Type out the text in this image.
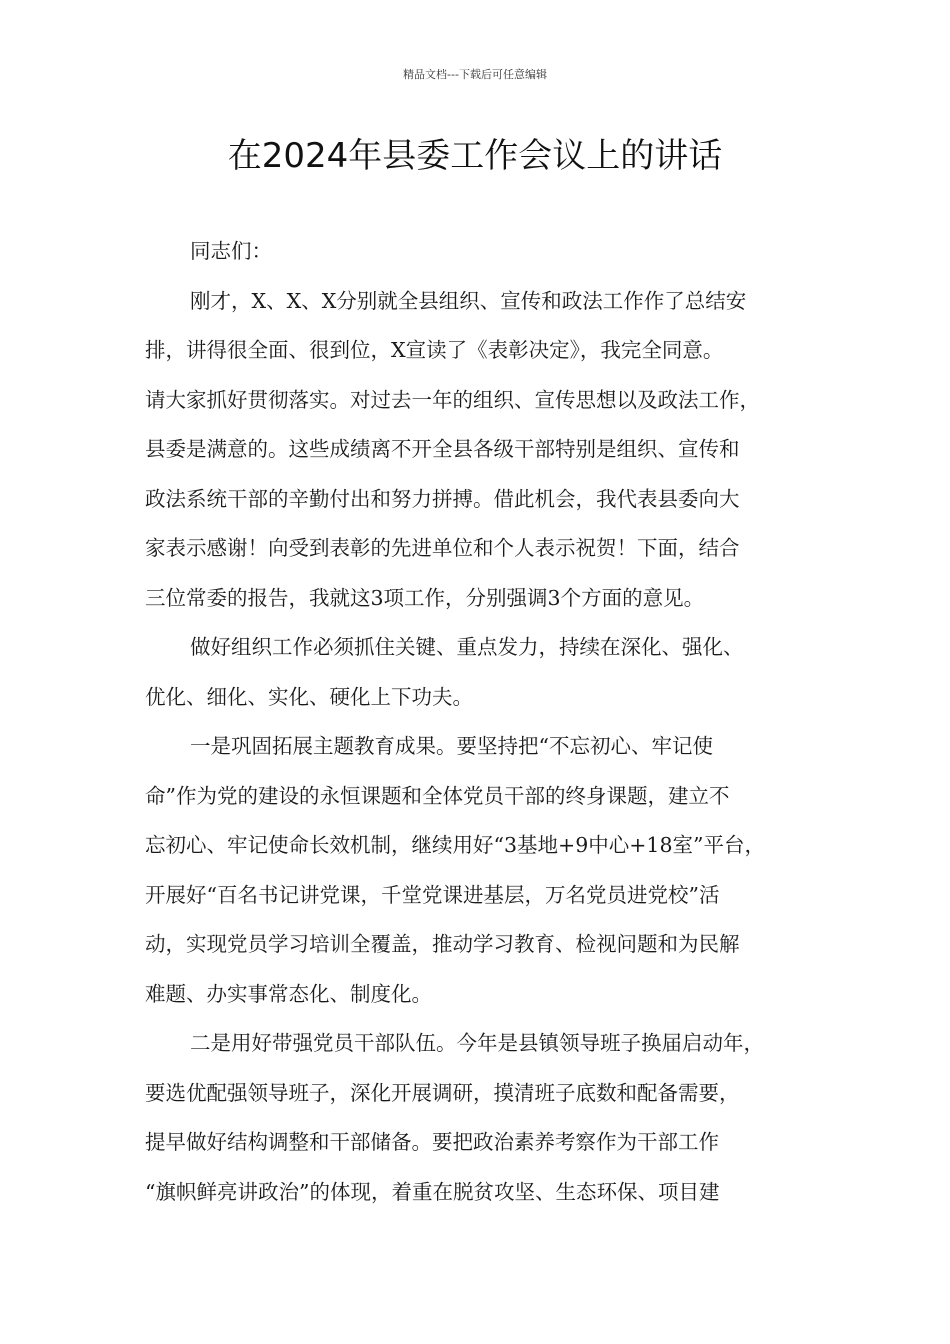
精品文档---下载后可任意编辑
在2024年县委工作会议上的讲话
同志们：
刚才，X、X、X分别就全县组织、宣传和政法工作作了总结安
排，讲得很全面、很到位，X宣读了《表彰决定》，我完全同意。
请大家抓好贯彻落实。对过去一年的组织、宣传思想以及政法工作，
县委是满意的。这些成绩离不开全县各级干部特别是组织、宣传和
政法系统干部的辛勤付出和努力拼搏。借此机会，我代表县委向大
家表示感谢！向受到表彰的先进单位和个人表示祝贺！下面，结合
三位常委的报告，我就这3项工作，分别强调3个方面的意见。
做好组织工作必须抓住关键、重点发力，持续在深化、强化、
优化、细化、实化、硬化上下功夫。
一是巩固拓展主题教育成果。要坚持把“不忘初心、牢记使
命”作为党的建设的永恒课题和全体党员干部的终身课题，建立不
忘初心、牢记使命长效机制，继续用好“3基地+9中心+18室”平台，
开展好“百名书记讲党课，千堂党课进基层，万名党员进党校”活
动，实现党员学习培训全覆盖，推动学习教育、检视问题和为民解
难题、办实事常态化、制度化。
二是用好带强党员干部队伍。今年是县镇领导班子换届启动年，
要选优配强领导班子，深化开展调研，摸清班子底数和配备需要，
提早做好结构调整和干部储备。要把政治素养考察作为干部工作
“旗帜鲜亮讲政治”的体现，着重在脱贫攻坚、生态环保、项目建
